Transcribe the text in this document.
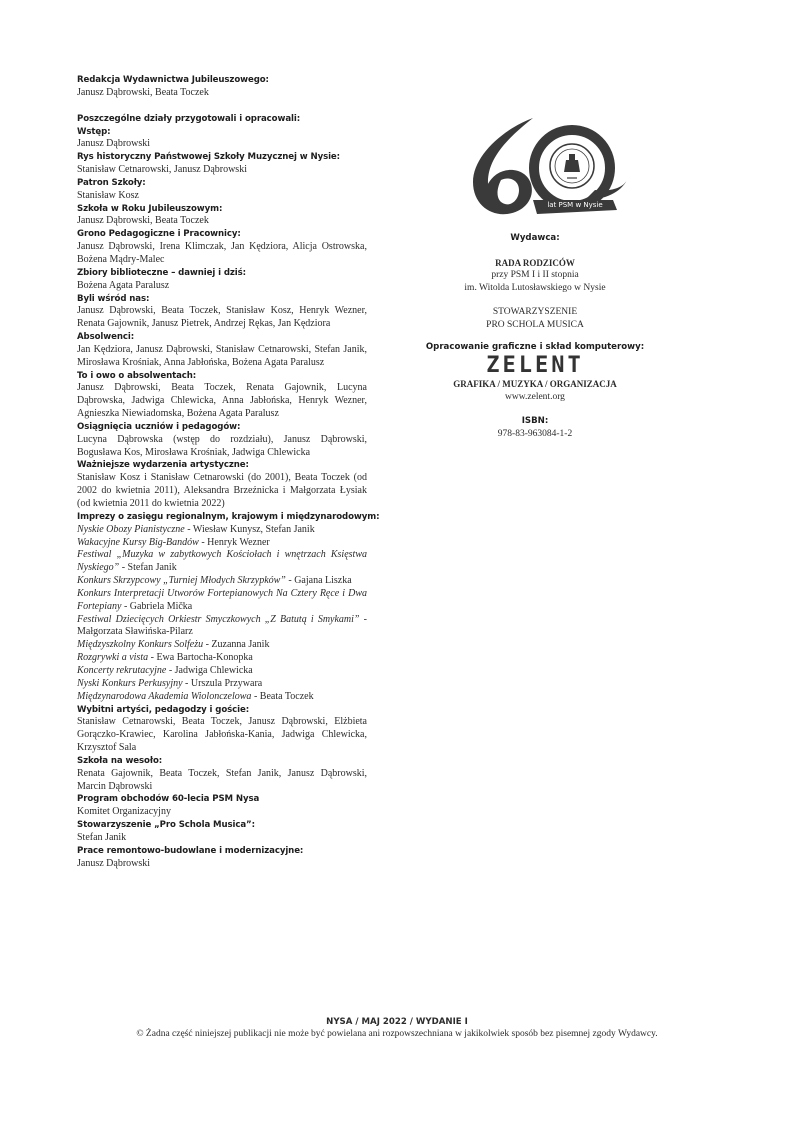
Redakcja Wydawnictwa Jubileuszowego:
Janusz Dąbrowski, Beata Toczek
Poszczególne działy przygotowali i opracowali:
Wstęp:
Janusz Dąbrowski
Rys historyczny Państwowej Szkoły Muzycznej w Nysie:
Stanisław Cetnarowski, Janusz Dąbrowski
Patron Szkoły:
Stanisław Kosz
Szkoła w Roku Jubileuszowym:
Janusz Dąbrowski, Beata Toczek
Grono Pedagogiczne i Pracownicy:
Janusz Dąbrowski, Irena Klimczak, Jan Kędziora, Alicja Ostrowska, Bożena Mądry-Malec
Zbiory biblioteczne – dawniej i dziś:
Bożena Agata Paralusz
Byli wśród nas:
Janusz Dąbrowski, Beata Toczek, Stanisław Kosz, Henryk Wezner, Renata Gajownik, Janusz Pietrek, Andrzej Rękas, Jan Kędziora
Absolwenci:
Jan Kędziora, Janusz Dąbrowski, Stanisław Cetnarowski, Stefan Janik, Mirosława Krośniak, Anna Jabłońska, Bożena Agata Paralusz
To i owo o absolwentach:
Janusz Dąbrowski, Beata Toczek, Renata Gajownik, Lucyna Dąbrowska, Jadwiga Chlewicka, Anna Jabłońska, Henryk Wezner, Agnieszka Niewiadomska, Bożena Agata Paralusz
Osiągnięcia uczniów i pedagogów:
Lucyna Dąbrowska (wstęp do rozdziału), Janusz Dąbrowski, Bogusława Kos, Mirosława Krośniak, Jadwiga Chlewicka
Ważniejsze wydarzenia artystyczne:
Stanisław Kosz i Stanisław Cetnarowski (do 2001), Beata Toczek (od 2002 do kwietnia 2011), Aleksandra Brzeźnicka i Małgorzata Łysiak (od kwietnia 2011 do kwietnia 2022)
Imprezy o zasięgu regionalnym, krajowym i międzynarodowym:
Nyskie Obozy Pianistyczne - Wiesław Kunysz, Stefan Janik
Wakacyjne Kursy Big-Bandów - Henryk Wezner
Festiwal „Muzyka w zabytkowych Kościołach i wnętrzach Księstwa Nyskiego” - Stefan Janik
Konkurs Skrzypcowy „Turniej Młodych Skrzypków” - Gajana Liszka
Konkurs Interpretacji Utworów Fortepianowych Na Cztery Ręce i Dwa Fortepiany - Gabriela Mička
Festiwal Dziecięcych Orkiestr Smyczkowych „Z Batutą i Smykami” - Małgorzata Sławińska-Pilarz
Międzyszkolny Konkurs Solfeżu - Zuzanna Janik
Rozgrywki a vista - Ewa Bartocha-Konopka
Koncerty rekrutacyjne - Jadwiga Chlewicka
Nyski Konkurs Perkusyjny - Urszula Przywara
Międzynarodowa Akademia Wiolonczelowa - Beata Toczek
Wybitni artyści, pedagodzy i goście:
Stanisław Cetnarowski, Beata Toczek, Janusz Dąbrowski, Elżbieta Gorączko-Krawiec, Karolina Jabłońska-Kania, Jadwiga Chlewicka, Krzysztof Sala
Szkoła na wesoło:
Renata Gajownik, Beata Toczek, Stefan Janik, Janusz Dąbrowski, Marcin Dąbrowski
Program obchodów 60-lecia PSM Nysa
Komitet Organizacyjny
Stowarzyszenie „Pro Schola Musica”:
Stefan Janik
Prace remontowo-budowlane i modernizacyjne:
Janusz Dąbrowski
lat PSM w Nysie
Wydawca:
RADA RODZICÓW
przy PSM I i II stopnia
im. Witolda Lutosławskiego w Nysie
STOWARZYSZENIE
PRO SCHOLA MUSICA
Opracowanie graficzne i skład komputerowy:
ZELENT
GRAFIKA / MUZYKA / ORGANIZACJA
www.zelent.org
ISBN:
978-83-963084-1-2
NYSA / MAJ 2022 / WYDANIE I
© Żadna część niniejszej publikacji nie może być powielana ani rozpowszechniana w jakikolwiek sposób bez pisemnej zgody Wydawcy.
